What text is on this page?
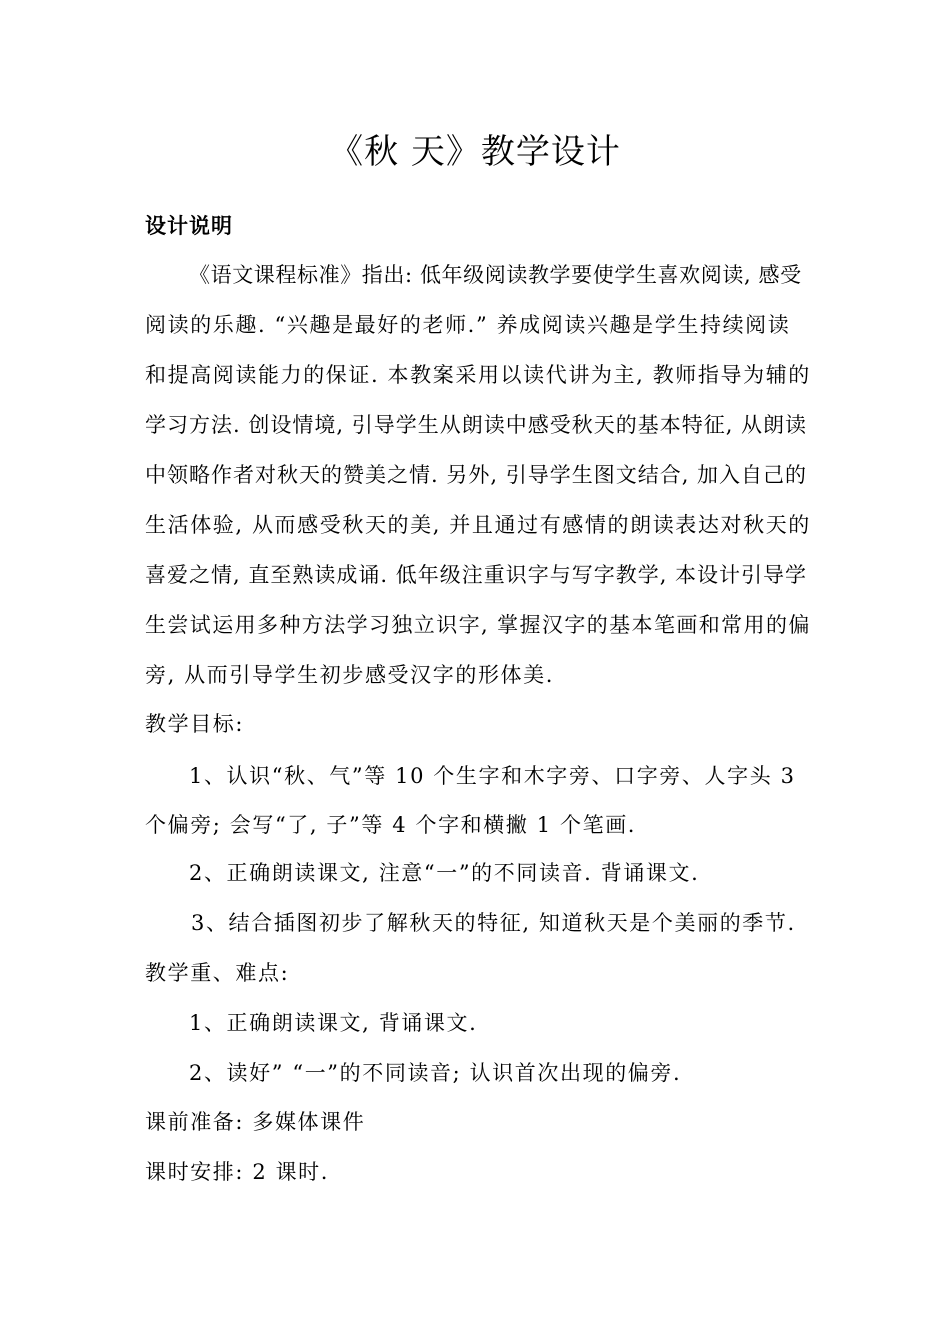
《秋 天》教学设计
设计说明
《语文课程标准》指出: 低年级阅读教学要使学生喜欢阅读, 感受
阅读的乐趣. “兴趣是最好的老师.” 养成阅读兴趣是学生持续阅读
和提高阅读能力的保证. 本教案采用以读代讲为主, 教师指导为辅的
学习方法. 创设情境, 引导学生从朗读中感受秋天的基本特征, 从朗读
中领略作者对秋天的赞美之情. 另外, 引导学生图文结合, 加入自己的
生活体验, 从而感受秋天的美, 并且通过有感情的朗读表达对秋天的
喜爱之情, 直至熟读成诵. 低年级注重识字与写字教学, 本设计引导学
生尝试运用多种方法学习独立识字, 掌握汉字的基本笔画和常用的偏
旁, 从而引导学生初步感受汉字的形体美.
教学目标:
1、认识“秋、气”等 10 个生字和木字旁、口字旁、人字头 3
个偏旁; 会写“了, 子”等 4 个字和横撇 1 个笔画.
2、正确朗读课文, 注意“一”的不同读音. 背诵课文.
3、结合插图初步了解秋天的特征, 知道秋天是个美丽的季节.
教学重、难点:
1、正确朗读课文, 背诵课文.
2、读好” “一”的不同读音; 认识首次出现的偏旁.
课前准备: 多媒体课件
课时安排: 2 课时.
